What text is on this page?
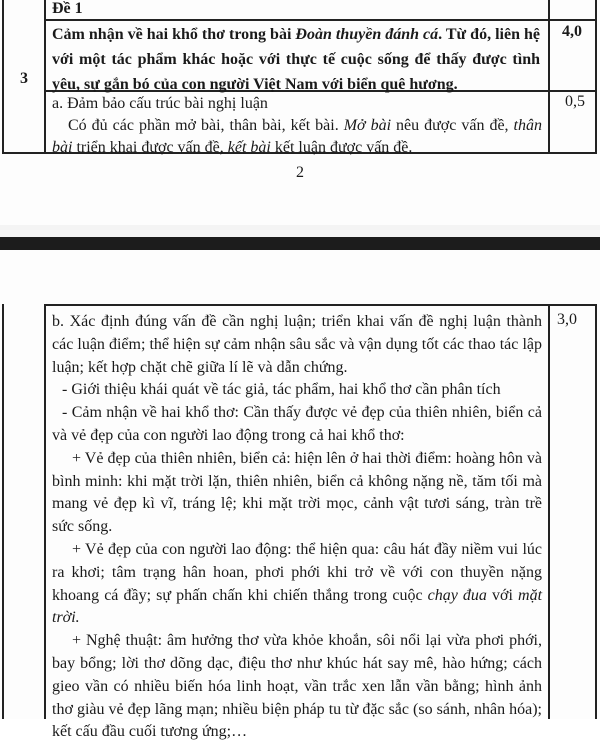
Đề 1
3
Cảm nhận về hai khổ thơ trong bài Đoàn thuyền đánh cá. Từ đó, liên hệ với một tác phẩm khác hoặc với thực tế cuộc sống để thấy được tình yêu, sự gắn bó của con người Việt Nam với biển quê hương.
4,0
a. Đảm bảo cấu trúc bài nghị luận
Có đủ các phần mở bài, thân bài, kết bài. Mở bài nêu được vấn đề, thân bài triển khai được vấn đề, kết bài kết luận được vấn đề.
0,5
2

b. Xác định đúng vấn đề cần nghị luận; triển khai vấn đề nghị luận thành các luận điểm; thể hiện sự cảm nhận sâu sắc và vận dụng tốt các thao tác lập luận; kết hợp chặt chẽ giữa lí lẽ và dẫn chứng.

- Giới thiệu khái quát về tác giả, tác phẩm, hai khổ thơ cần phân tích

- Cảm nhận về hai khổ thơ: Cần thấy được vẻ đẹp của thiên nhiên, biển cả và vẻ đẹp của con người lao động trong cả hai khổ thơ:

+ Vẻ đẹp của thiên nhiên, biển cả: hiện lên ở hai thời điểm: hoàng hôn và bình minh: khi mặt trời lặn, thiên nhiên, biển cả không nặng nề, tăm tối mà mang vẻ đẹp kì vĩ, tráng lệ; khi mặt trời mọc, cảnh vật tươi sáng, tràn trề sức sống.

+ Vẻ đẹp của con người lao động: thể hiện qua: câu hát đầy niềm vui lúc ra khơi; tâm trạng hân hoan, phơi phới khi trở về với con thuyền nặng khoang cá đầy; sự phấn chấn khi chiến thắng trong cuộc chạy đua với mặt trời.

+ Nghệ thuật: âm hưởng thơ vừa khỏe khoắn, sôi nổi lại vừa phơi phới, bay bổng; lời thơ dõng dạc, điệu thơ như khúc hát say mê, hào hứng; cách gieo vần có nhiều biến hóa linh hoạt, vần trắc xen lẫn vần bằng; hình ảnh thơ giàu vẻ đẹp lãng mạn; nhiều biện pháp tu từ đặc sắc (so sánh, nhân hóa); kết cấu đầu cuối tương ứng;…

3,0
